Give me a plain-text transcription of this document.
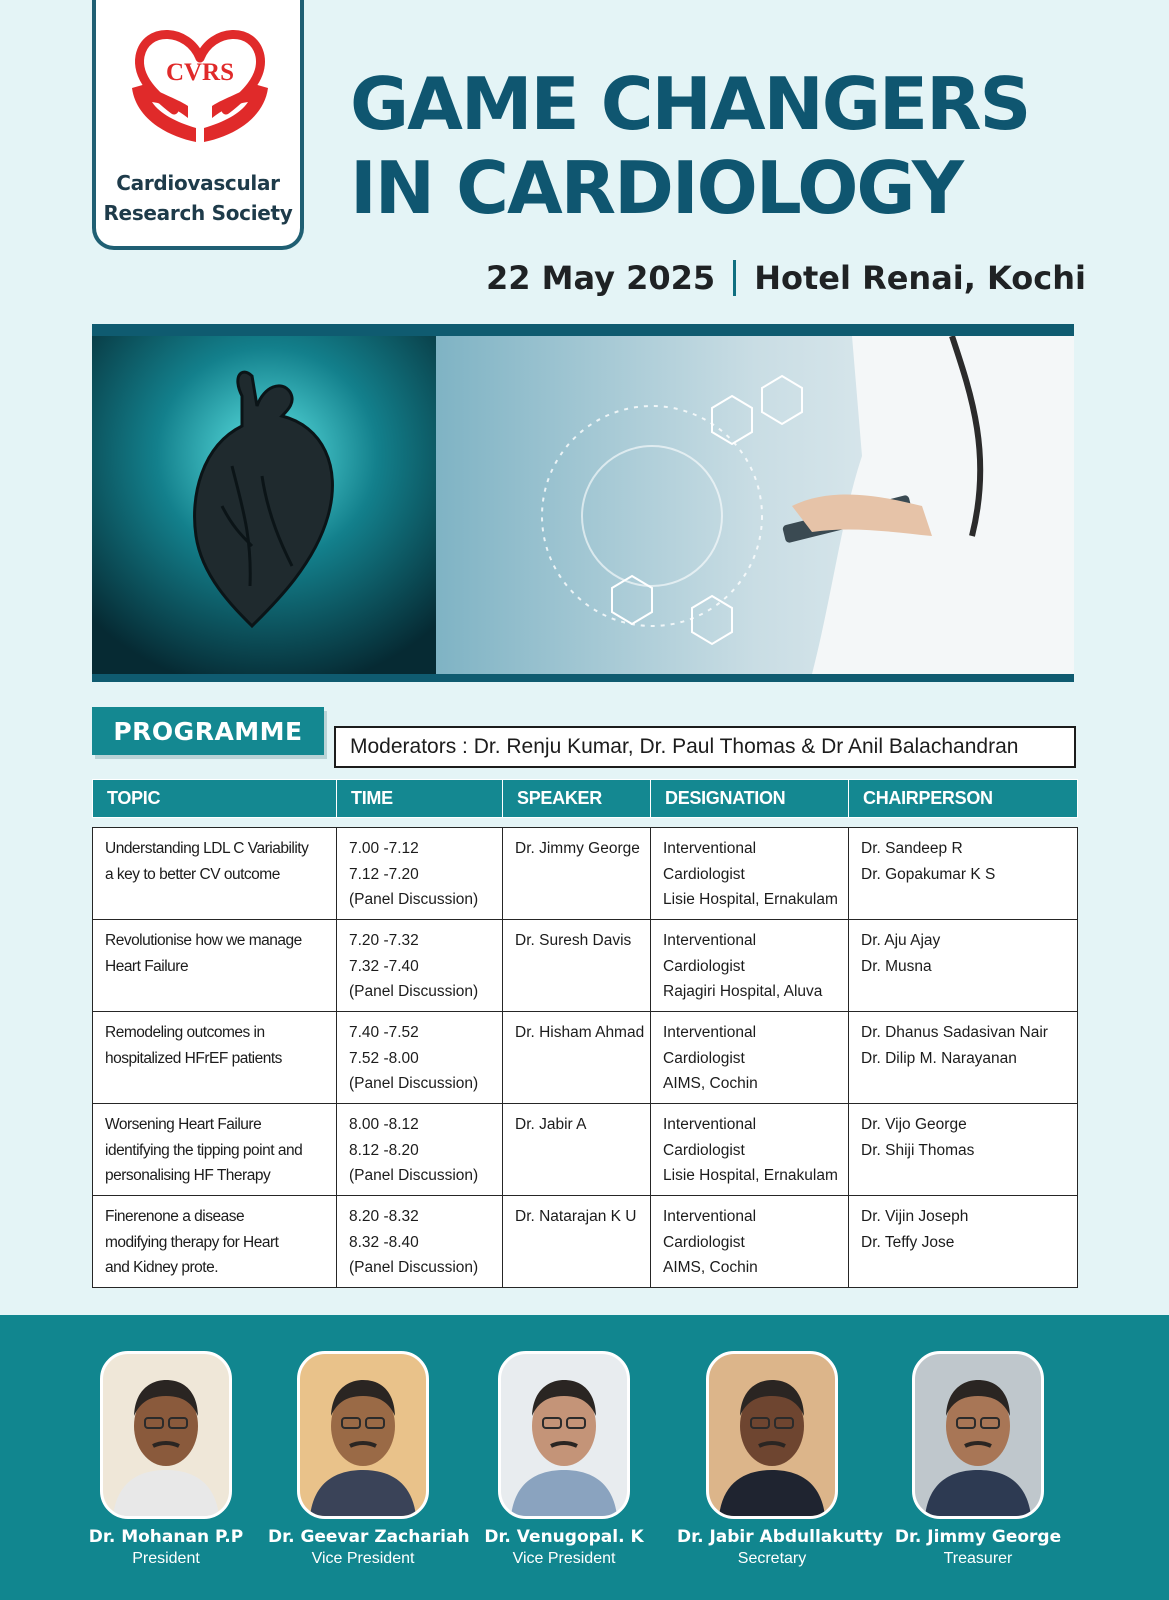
CVRS
Cardiovascular
Research Society
GAME CHANGERS
IN CARDIOLOGY
22 May 2025 Hotel Renai, Kochi
PROGRAMME
Moderators : Dr. Renju Kumar, Dr. Paul Thomas & Dr Anil Balachandran
TOPIC	TIME	SPEAKER	DESIGNATION	CHAIRPERSON

Understanding LDL C Variability
a key to better CV outcome	7.00 -7.12
7.12 -7.20
(Panel Discussion)	Dr. Jimmy George	Interventional
Cardiologist
Lisie Hospital, Ernakulam	Dr. Sandeep R
Dr. Gopakumar K S

Revolutionise how we manage
Heart Failure	7.20 -7.32
7.32 -7.40
(Panel Discussion)	Dr. Suresh Davis	Interventional
Cardiologist
Rajagiri Hospital, Aluva	Dr. Aju Ajay
Dr. Musna

Remodeling outcomes in
hospitalized HFrEF patients	7.40 -7.52
7.52 -8.00
(Panel Discussion)	Dr. Hisham Ahmad	Interventional
Cardiologist
AIMS, Cochin	Dr. Dhanus Sadasivan Nair
Dr. Dilip M. Narayanan

Worsening Heart Failure
identifying the tipping point and
personalising HF Therapy	8.00 -8.12
8.12 -8.20
(Panel Discussion)	Dr. Jabir A	Interventional
Cardiologist
Lisie Hospital, Ernakulam	Dr. Vijo George
Dr. Shiji Thomas

Finerenone a disease
modifying therapy for Heart
and Kidney prote.	8.20 -8.32
8.32 -8.40
(Panel Discussion)	Dr. Natarajan K U	Interventional
Cardiologist
AIMS, Cochin	Dr. Vijin Joseph
Dr. Teffy Jose
Dr. Mohanan P.P
President
Dr. Geevar Zachariah
Vice President
Dr. Venugopal. K
Vice President
Dr. Jabir Abdullakutty
Secretary
Dr. Jimmy George
Treasurer
